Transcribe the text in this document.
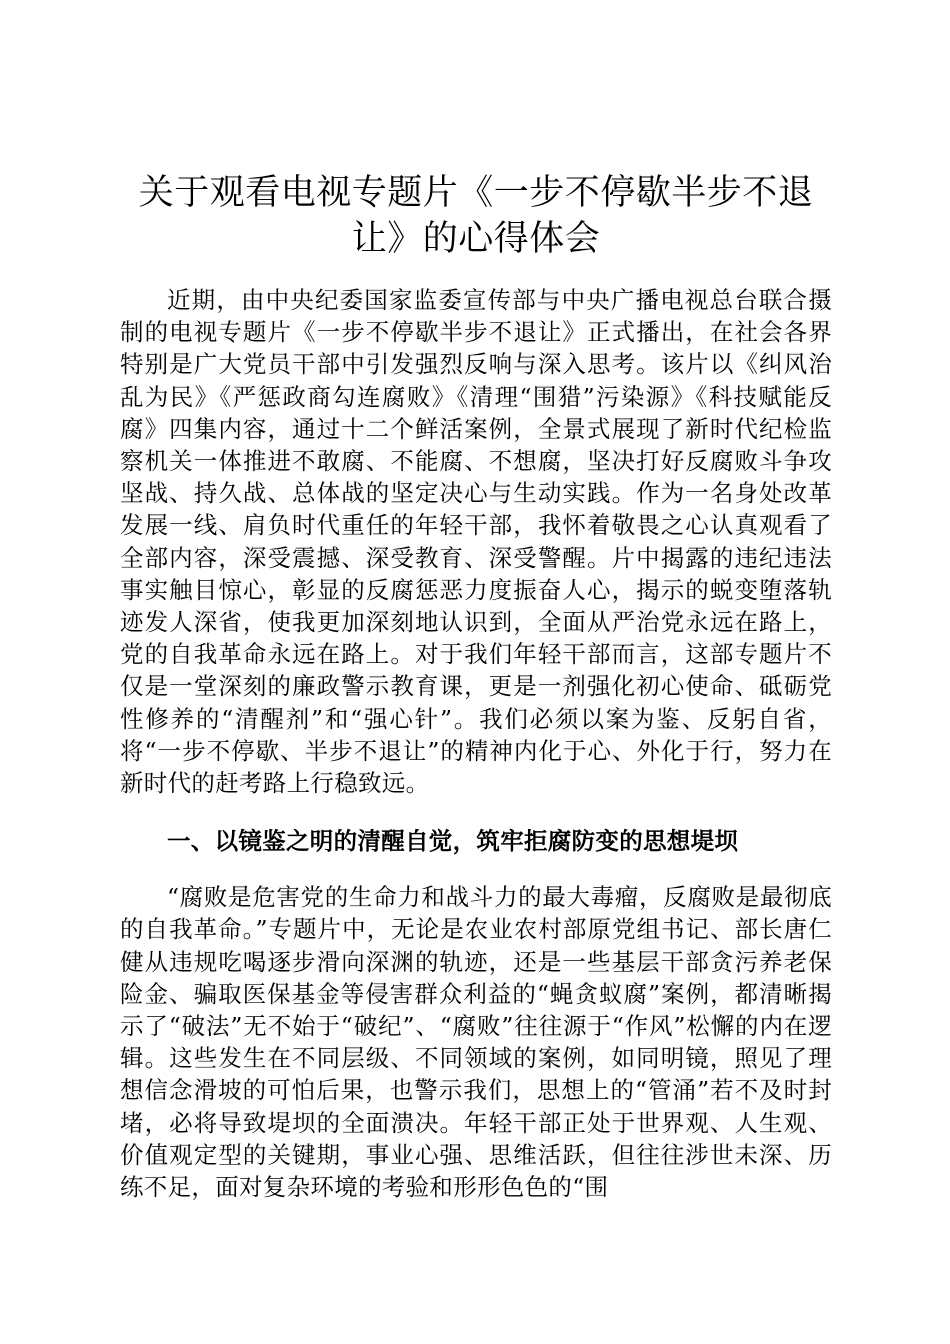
关于观看电视专题片《一步不停歇半步不退让》的心得体会

近期，由中央纪委国家监委宣传部与中央广播电视总台联合摄制的电视专题片《一步不停歇半步不退让》正式播出，在社会各界特别是广大党员干部中引发强烈反响与深入思考。该片以《纠风治乱为民》《严惩政商勾连腐败》《清理“围猎”污染源》《科技赋能反腐》四集内容，通过十二个鲜活案例，全景式展现了新时代纪检监察机关一体推进不敢腐、不能腐、不想腐，坚决打好反腐败斗争攻坚战、持久战、总体战的坚定决心与生动实践。作为一名身处改革发展一线、肩负时代重任的年轻干部，我怀着敬畏之心认真观看了全部内容，深受震撼、深受教育、深受警醒。片中揭露的违纪违法事实触目惊心，彰显的反腐惩恶力度振奋人心，揭示的蜕变堕落轨迹发人深省，使我更加深刻地认识到，全面从严治党永远在路上，党的自我革命永远在路上。对于我们年轻干部而言，这部专题片不仅是一堂深刻的廉政警示教育课，更是一剂强化初心使命、砥砺党性修养的“清醒剂”和“强心针”。我们必须以案为鉴、反躬自省，将“一步不停歇、半步不退让”的精神内化于心、外化于行，努力在新时代的赶考路上行稳致远。

一、以镜鉴之明的清醒自觉，筑牢拒腐防变的思想堤坝

“腐败是危害党的生命力和战斗力的最大毒瘤，反腐败是最彻底的自我革命。”专题片中，无论是农业农村部原党组书记、部长唐仁健从违规吃喝逐步滑向深渊的轨迹，还是一些基层干部贪污养老保险金、骗取医保基金等侵害群众利益的“蝇贪蚁腐”案例，都清晰揭示了“破法”无不始于“破纪”、“腐败”往往源于“作风”松懈的内在逻辑。这些发生在不同层级、不同领域的案例，如同明镜，照见了理想信念滑坡的可怕后果，也警示我们，思想上的“管涌”若不及时封堵，必将导致堤坝的全面溃决。年轻干部正处于世界观、人生观、价值观定型的关键期，事业心强、思维活跃，但往往涉世未深、历练不足，面对复杂环境的考验和形形色色的“围
